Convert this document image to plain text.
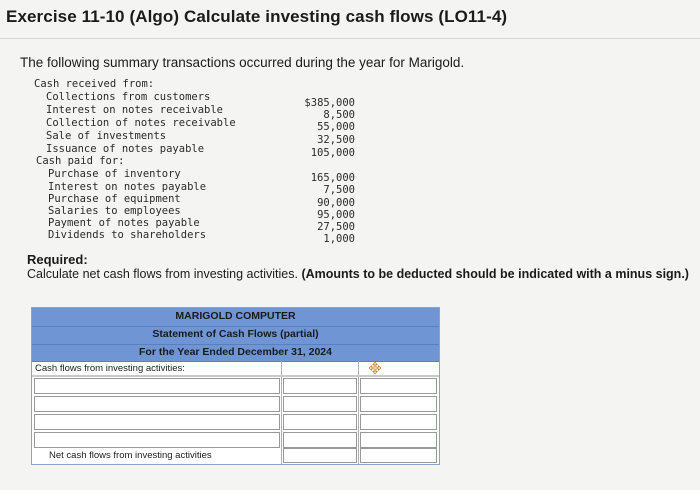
Exercise 11-10 (Algo) Calculate investing cash flows (LO11-4)
The following summary transactions occurred during the year for Marigold.
Cash received from:
Collections from customers	$385,000
Interest on notes receivable	8,500
Collection of notes receivable	55,000
Sale of investments	32,500
Issuance of notes payable	105,000
Cash paid for:
Purchase of inventory	165,000
Interest on notes payable	7,500
Purchase of equipment	90,000
Salaries to employees	95,000
Payment of notes payable	27,500
Dividends to shareholders	1,000
Required:
Calculate net cash flows from investing activities. (Amounts to be deducted should be indicated with a minus sign.)
MARIGOLD COMPUTER
Statement of Cash Flows (partial)
For the Year Ended December 31, 2024
Cash flows from investing activities:
Net cash flows from investing activities
